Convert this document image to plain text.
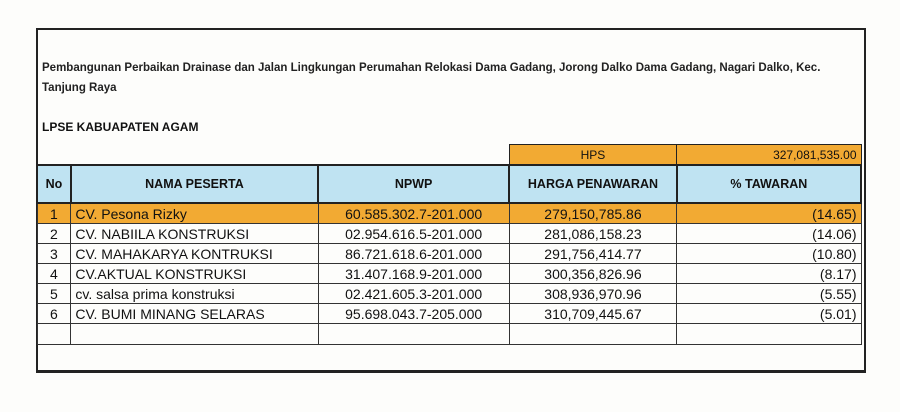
Pembangunan Perbaikan Drainase dan Jalan Lingkungan Perumahan Relokasi Dama Gadang, Jorong Dalko Dama Gadang, Nagari Dalko, Kec. Tanjung Raya
LPSE KABUAPATEN AGAM
			HPS	327,081,535.00
No	NAMA PESERTA	NPWP	HARGA PENAWARAN	% TAWARAN
1	CV. Pesona Rizky	60.585.302.7-201.000	279,150,785.86	(14.65)
2	CV. NABIILA KONSTRUKSI	02.954.616.5-201.000	281,086,158.23	(14.06)
3	CV. MAHAKARYA KONTRUKSI	86.721.618.6-201.000	291,756,414.77	(10.80)
4	CV.AKTUAL KONSTRUKSI	31.407.168.9-201.000	300,356,826.96	(8.17)
5	cv. salsa prima konstruksi	02.421.605.3-201.000	308,936,970.96	(5.55)
6	CV. BUMI MINANG SELARAS	95.698.043.7-205.000	310,709,445.67	(5.01)
